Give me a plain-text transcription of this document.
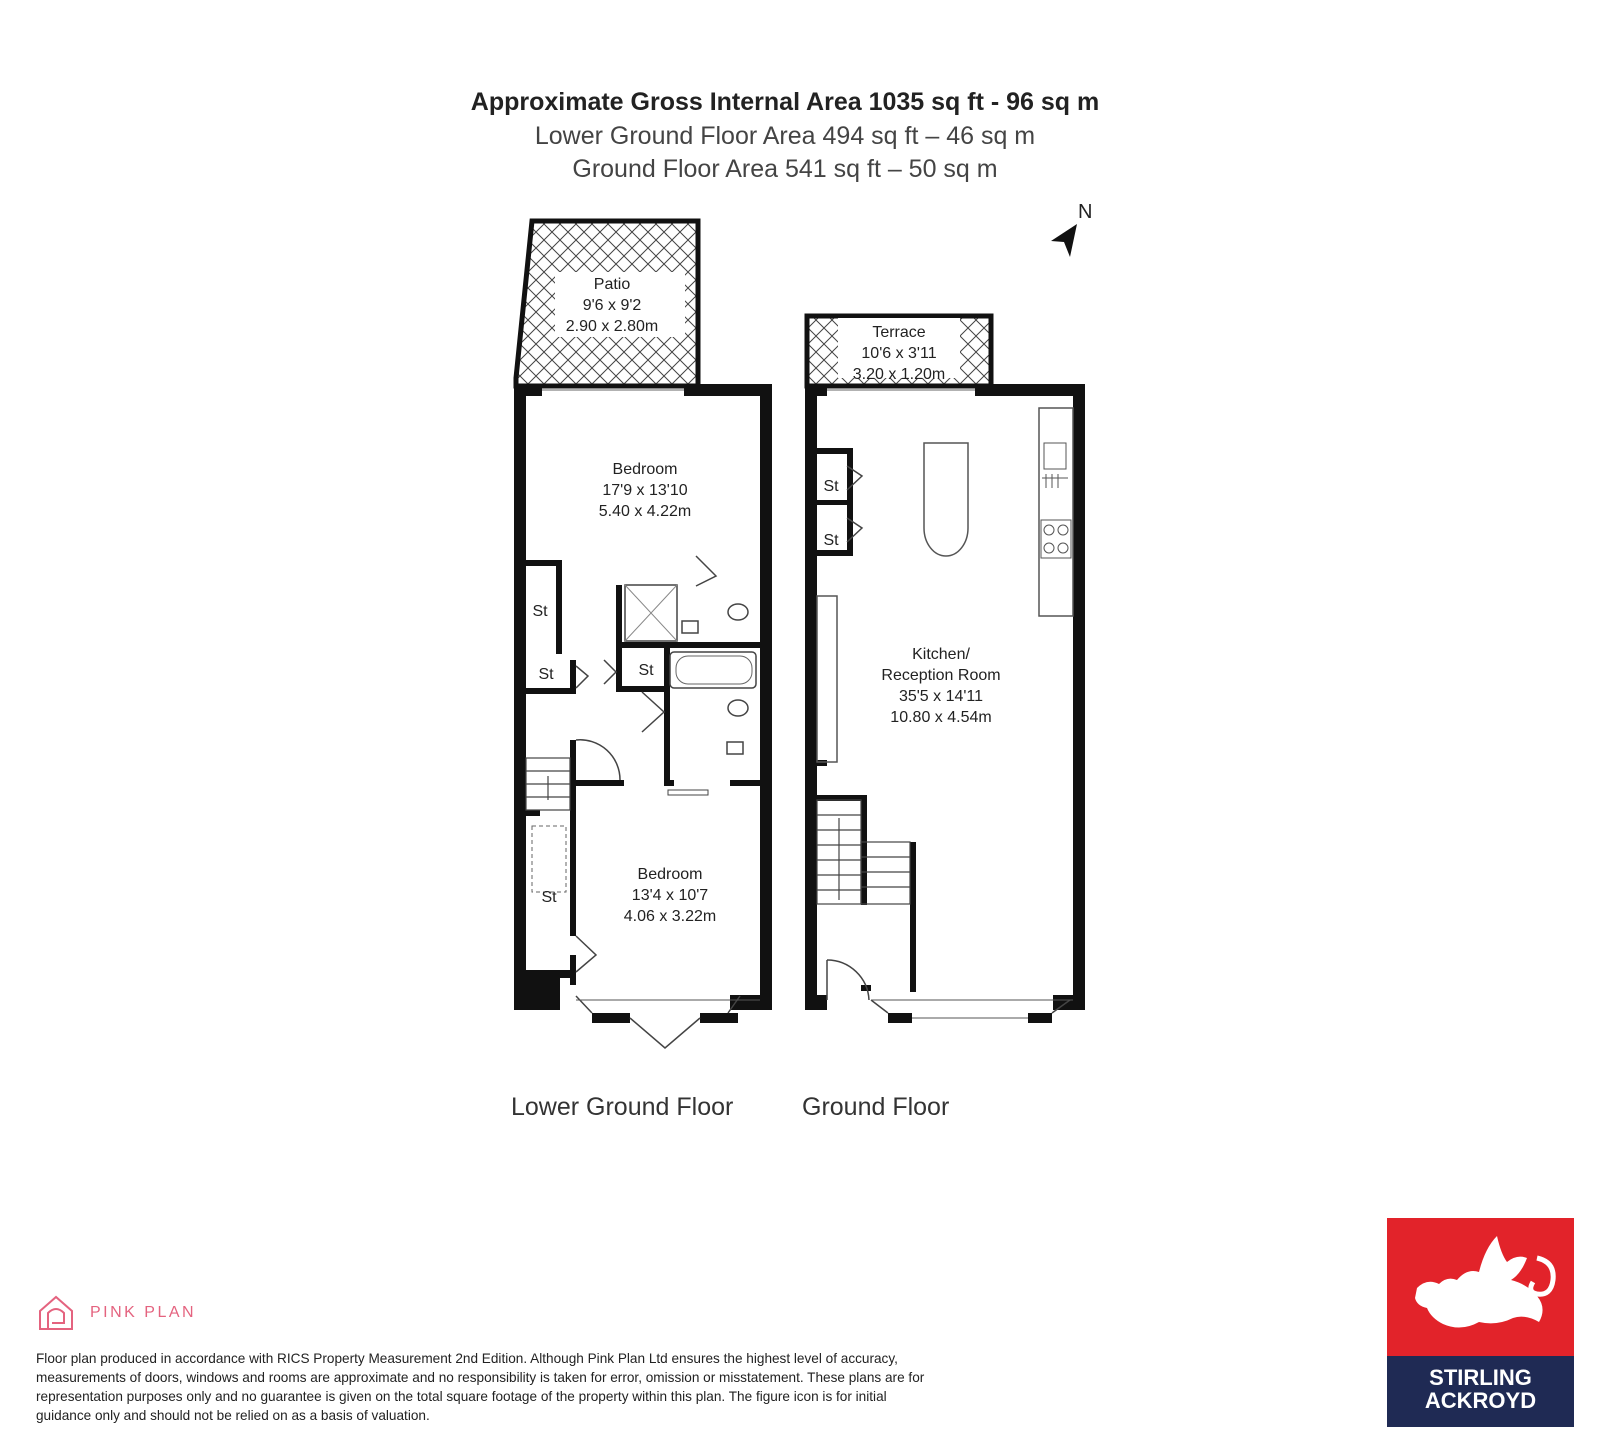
Approximate Gross Internal Area 1035 sq ft - 96 sq m
Lower Ground Floor Area 494 sq ft – 46 sq m
Ground Floor Area 541 sq ft – 50 sq m
N
Patio
9'6 x 9'2
2.90 x 2.80m
Bedroom
17'9 x 13'10
5.40 x 4.22m
Bedroom
13'4 x 10'7
4.06 x 3.22m
St
St	St
St
Terrace
10'6 x 3'11
3.20 x 1.20m
Kitchen/
Reception Room
35'5 x 14'11
10.80 x 4.54m
St
St
Lower Ground Floor	Ground Floor
PINK PLAN
Floor plan produced in accordance with RICS Property Measurement 2nd Edition. Although Pink Plan Ltd ensures the highest level of accuracy, measurements of doors, windows and rooms are approximate and no responsibility is taken for error, omission or misstatement. These plans are for representation purposes only and no guarantee is given on the total square footage of the property within this plan. The figure icon is for initial guidance only and should not be relied on as a basis of valuation.
STIRLING
ACKROYD
